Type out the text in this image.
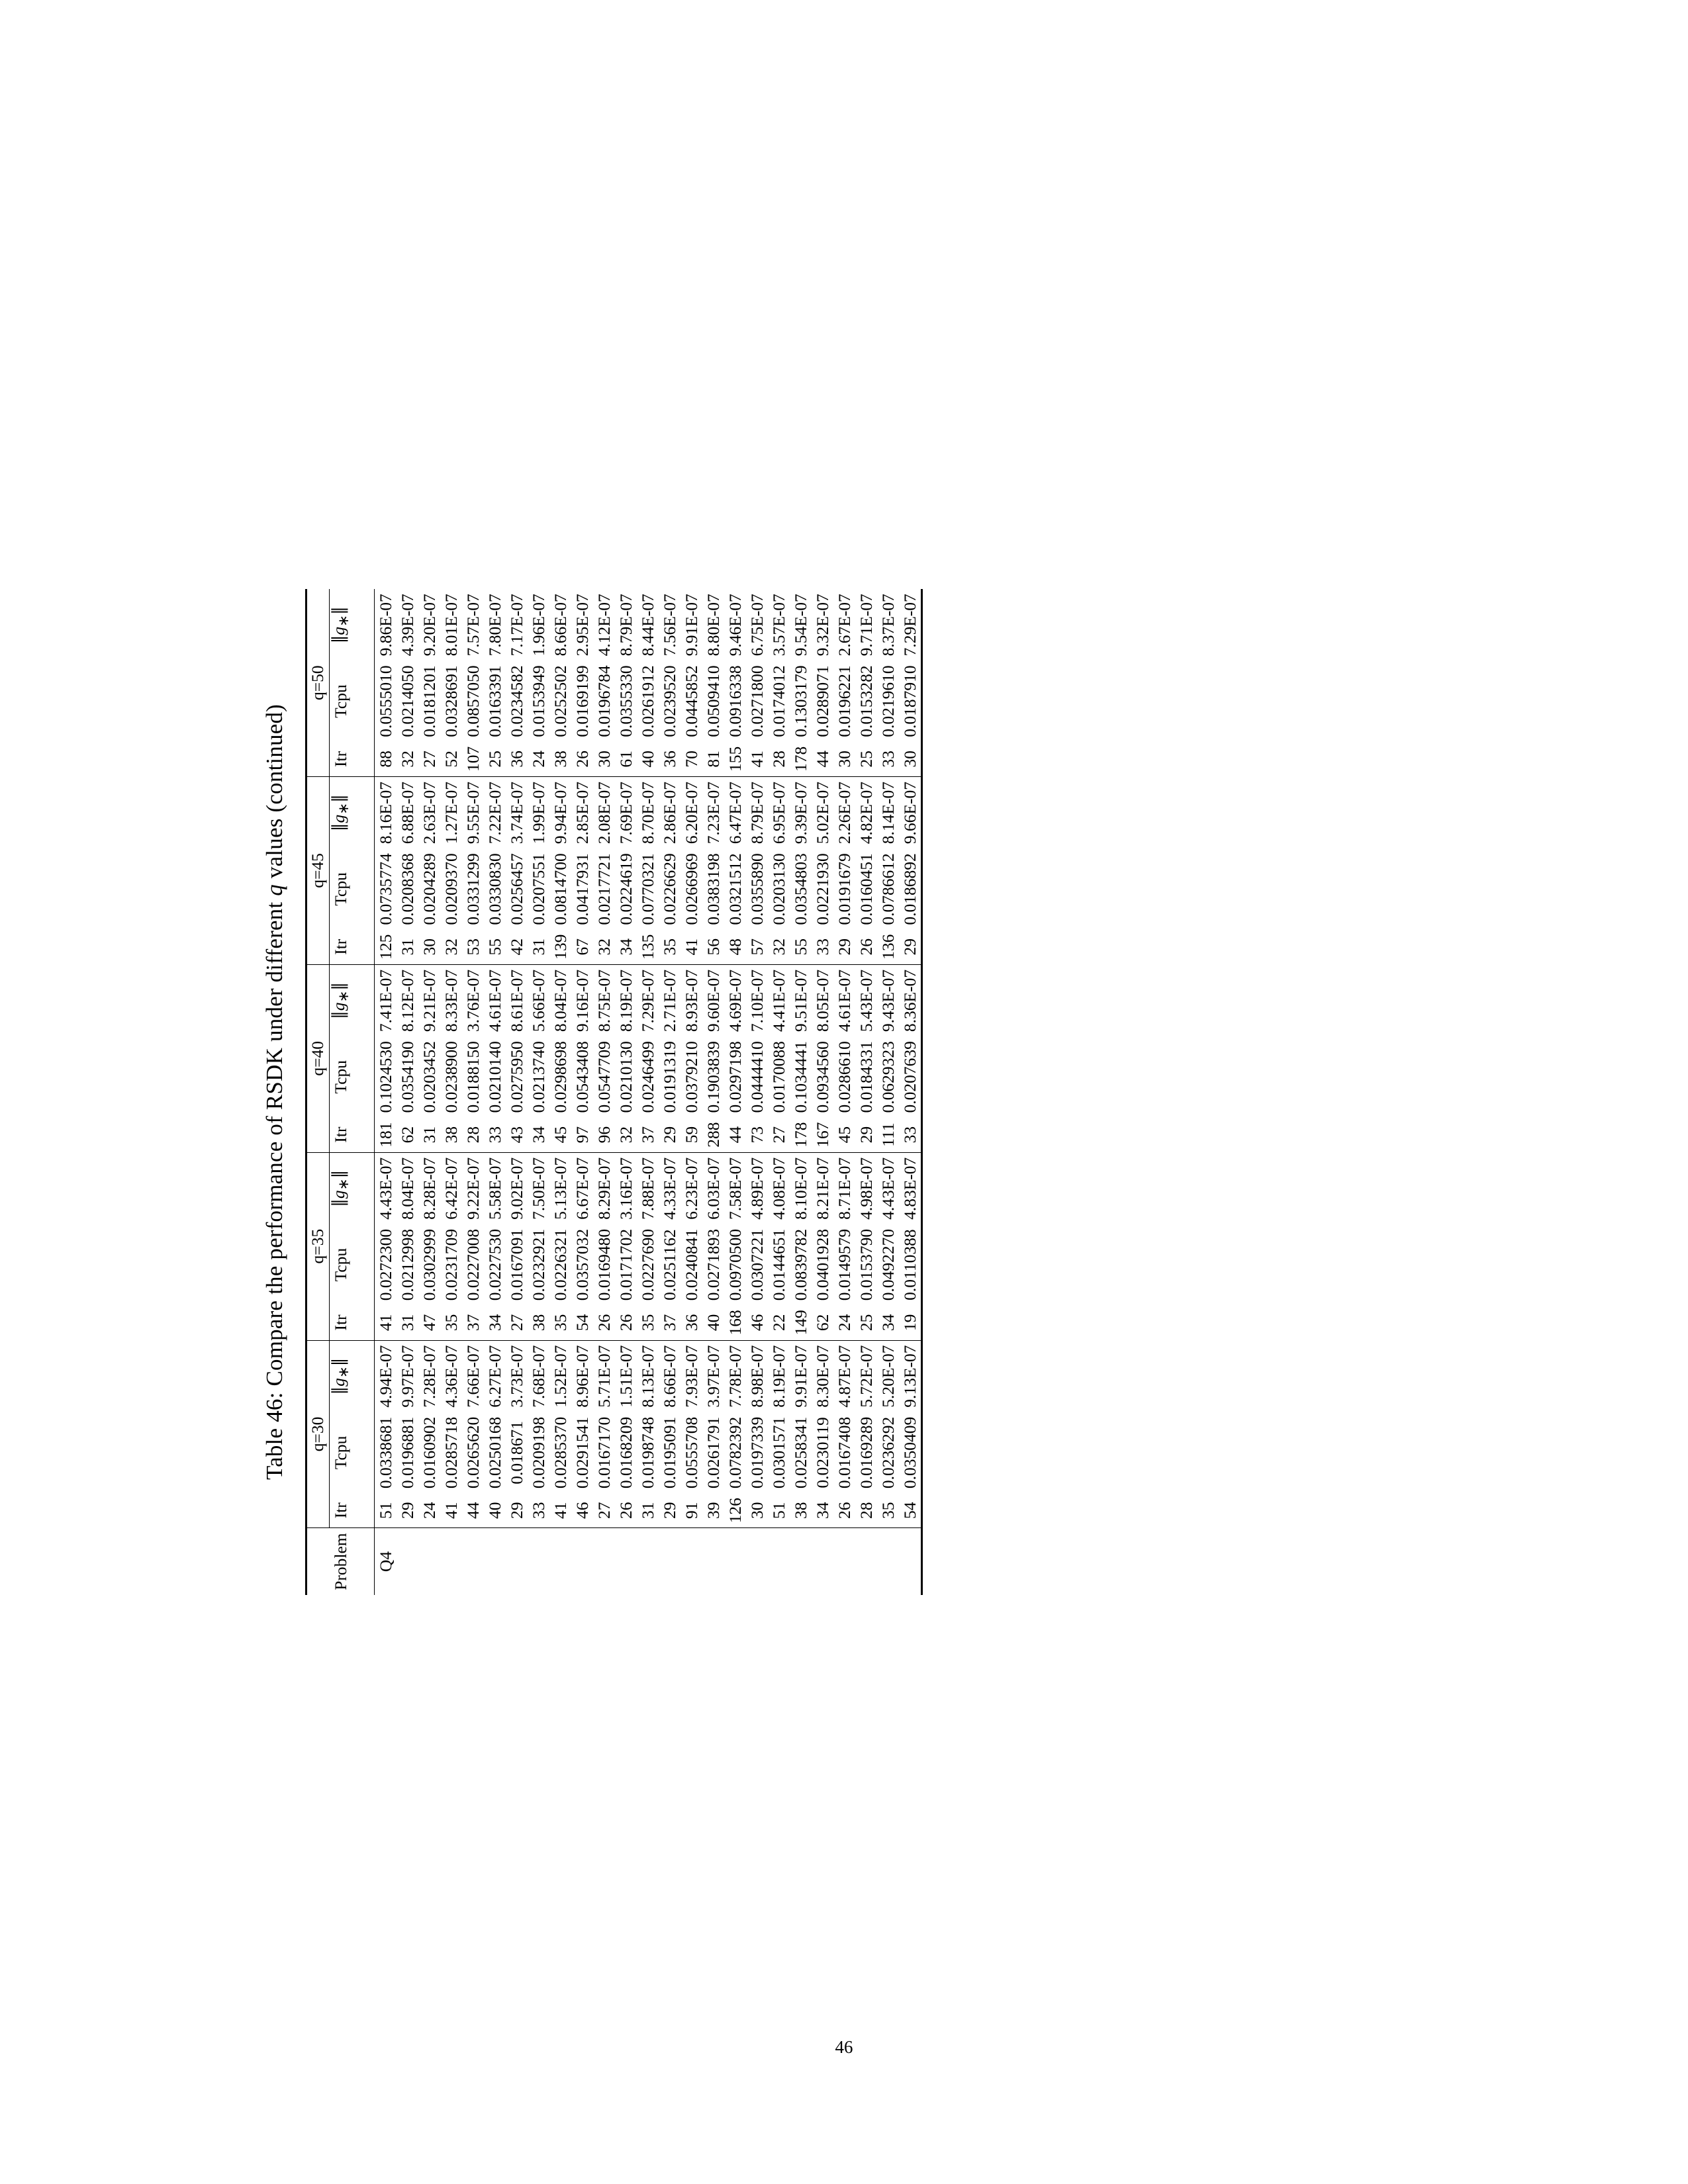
Table 46: Compare the performance of RSDK under different q values (continued)
	q=30			q=35			q=40			q=45			q=50		
Problem	Itr	Tcpu	$\parallel g_∗\parallel$	Itr	Tcpu	$\parallel g_∗\parallel$	Itr	Tcpu	$\parallel g_∗\parallel$	Itr	Tcpu	$\parallel g_∗\parallel$	Itr	Tcpu	$\parallel g_∗\parallel$

Q4	51	0.0338681	4.94E-07	41	0.0272300	4.43E-07	181	0.1024530	7.41E-07	125	0.0735774	8.16E-07	88	0.0555010	9.86E-07
	29	0.0196881	9.97E-07	31	0.0212998	8.04E-07	62	0.0354190	8.12E-07	31	0.0208368	6.88E-07	32	0.0214050	4.39E-07
	24	0.0160902	7.28E-07	47	0.0302999	8.28E-07	31	0.0203452	9.21E-07	30	0.0204289	2.63E-07	27	0.0181201	9.20E-07
	41	0.0285718	4.36E-07	35	0.0231709	6.42E-07	38	0.0238900	8.33E-07	32	0.0209370	1.27E-07	52	0.0328691	8.01E-07
	44	0.0265620	7.66E-07	37	0.0227008	9.22E-07	28	0.0188150	3.76E-07	53	0.0331299	9.55E-07	107	0.0857050	7.57E-07
	40	0.0250168	6.27E-07	34	0.0227530	5.58E-07	33	0.0210140	4.61E-07	55	0.0330830	7.22E-07	25	0.0163391	7.80E-07
	29	0.018671	3.73E-07	27	0.0167091	9.02E-07	43	0.0275950	8.61E-07	42	0.0256457	3.74E-07	36	0.0234582	7.17E-07
	33	0.0209198	7.68E-07	38	0.0232921	7.50E-07	34	0.0213740	5.66E-07	31	0.0207551	1.99E-07	24	0.0153949	1.96E-07
	41	0.0285370	1.52E-07	35	0.0226321	5.13E-07	45	0.0298698	8.04E-07	139	0.0814700	9.94E-07	38	0.0252502	8.66E-07
	46	0.0291541	8.96E-07	54	0.0357032	6.67E-07	97	0.0543408	9.16E-07	67	0.0417931	2.85E-07	26	0.0169199	2.95E-07
	27	0.0167170	5.71E-07	26	0.0169480	8.29E-07	96	0.0547709	8.75E-07	32	0.0217721	2.08E-07	30	0.0196784	4.12E-07
	26	0.0168209	1.51E-07	26	0.0171702	3.16E-07	32	0.0210130	8.19E-07	34	0.0224619	7.69E-07	61	0.0355330	8.79E-07
	31	0.0198748	8.13E-07	35	0.0227690	7.88E-07	37	0.0246499	7.29E-07	135	0.0770321	8.70E-07	40	0.0261912	8.44E-07
	29	0.0195091	8.66E-07	37	0.0251162	4.33E-07	29	0.0191319	2.71E-07	35	0.0226629	2.86E-07	36	0.0239520	7.56E-07
	91	0.0555708	7.93E-07	36	0.0240841	6.23E-07	59	0.0379210	8.93E-07	41	0.0266969	6.20E-07	70	0.0445852	9.91E-07
	39	0.0261791	3.97E-07	40	0.0271893	6.03E-07	288	0.1903839	9.60E-07	56	0.0383198	7.23E-07	81	0.0509410	8.80E-07
	126	0.0782392	7.78E-07	168	0.0970500	7.58E-07	44	0.0297198	4.69E-07	48	0.0321512	6.47E-07	155	0.0916338	9.46E-07
	30	0.0197339	8.98E-07	46	0.0307221	4.89E-07	73	0.0444410	7.10E-07	57	0.0355890	8.79E-07	41	0.0271800	6.75E-07
	51	0.0301571	8.19E-07	22	0.0144651	4.08E-07	27	0.0170088	4.41E-07	32	0.0203130	6.95E-07	28	0.0174012	3.57E-07
	38	0.0258341	9.91E-07	149	0.0839782	8.10E-07	178	0.1034441	9.51E-07	55	0.0354803	9.39E-07	178	0.1303179	9.54E-07
	34	0.0230119	8.30E-07	62	0.0401928	8.21E-07	167	0.0934560	8.05E-07	33	0.0221930	5.02E-07	44	0.0289071	9.32E-07
	26	0.0167408	4.87E-07	24	0.0149579	8.71E-07	45	0.0286610	4.61E-07	29	0.0191679	2.26E-07	30	0.0196221	2.67E-07
	28	0.0169289	5.72E-07	25	0.0153790	4.98E-07	29	0.0184331	5.43E-07	26	0.0160451	4.82E-07	25	0.0153282	9.71E-07
	35	0.0236292	5.20E-07	34	0.0492270	4.43E-07	111	0.0629323	9.43E-07	136	0.0786612	8.14E-07	33	0.0219610	8.37E-07
	54	0.0350409	9.13E-07	19	0.0110388	4.83E-07	33	0.0207639	8.36E-07	29	0.0186892	9.66E-07	30	0.0187910	7.29E-07
46
